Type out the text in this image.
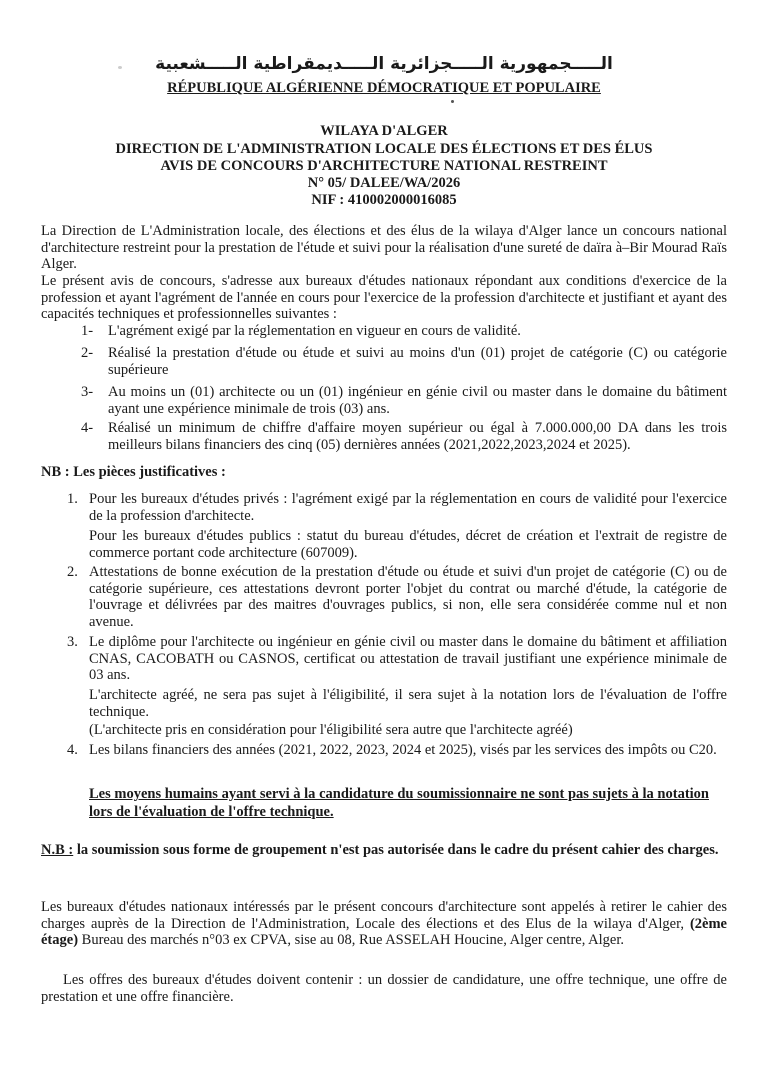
الـــــجمهورية الـــــجزائرية الـــــديمقراطية الـــــشعبية
RÉPUBLIQUE ALGÉRIENNE DÉMOCRATIQUE ET POPULAIRE
WILAYA D'ALGER
DIRECTION DE L'ADMINISTRATION LOCALE DES ÉLECTIONS ET DES ÉLUS
AVIS DE CONCOURS D'ARCHITECTURE NATIONAL RESTREINT
N° 05/ DALEE/WA/2026
NIF : 410002000016085
La Direction de L'Administration locale, des élections et des élus de la wilaya d'Alger lance un concours national d'architecture restreint pour la prestation de l'étude et suivi pour la réalisation d'une sureté de daïra à–Bir Mourad Raïs Alger.
Le présent avis de concours, s'adresse aux bureaux d'études nationaux répondant aux conditions d'exercice de la profession et ayant l'agrément de l'année en cours pour l'exercice de la profession d'architecte et justifiant et ayant des capacités techniques et professionnelles suivantes :
1- L'agrément exigé par la réglementation en vigueur en cours de validité.
2- Réalisé la prestation d'étude ou étude et suivi au moins d'un (01) projet de catégorie (C) ou catégorie supérieure
3- Au moins un (01) architecte ou un (01) ingénieur en génie civil ou master dans le domaine du bâtiment ayant une expérience minimale de trois (03) ans.
4- Réalisé un minimum de chiffre d'affaire moyen supérieur ou égal à 7.000.000,00 DA dans les trois meilleurs bilans financiers des cinq (05) dernières années (2021,2022,2023,2024 et 2025).
NB : Les pièces justificatives :
1. Pour les bureaux d'études privés : l'agrément exigé par la réglementation en cours de validité pour l'exercice de la profession d'architecte.
Pour les bureaux d'études publics : statut du bureau d'études, décret de création et l'extrait de registre de commerce portant code architecture (607009).
2. Attestations de bonne exécution de la prestation d'étude ou étude et suivi d'un projet de catégorie (C) ou de catégorie supérieure, ces attestations devront porter l'objet du contrat ou marché d'étude, la catégorie de l'ouvrage et délivrées par des maitres d'ouvrages publics, si non, elle sera considérée comme nul et non avenue.
3. Le diplôme pour l'architecte ou ingénieur en génie civil ou master dans le domaine du bâtiment et affiliation CNAS, CACOBATH ou CASNOS, certificat ou attestation de travail justifiant une expérience minimale de 03 ans.
L'architecte agréé, ne sera pas sujet à l'éligibilité, il sera sujet à la notation lors de l'évaluation de l'offre technique.
(L'architecte pris en considération pour l'éligibilité sera autre que l'architecte agréé)
4. Les bilans financiers des années (2021, 2022, 2023, 2024 et 2025), visés par les services des impôts ou C20.
Les moyens humains ayant servi à la candidature du soumissionnaire ne sont pas sujets à la notation lors de l'évaluation de l'offre technique.
N.B : la soumission sous forme de groupement n'est pas autorisée dans le cadre du présent cahier des charges.
Les bureaux d'études nationaux intéressés par le présent concours d'architecture sont appelés à retirer le cahier des charges auprès de la Direction de l'Administration, Locale des élections et des Elus de la wilaya d'Alger, (2ème étage) Bureau des marchés n°03 ex CPVA, sise au 08, Rue ASSELAH Houcine, Alger centre, Alger.
Les offres des bureaux d'études doivent contenir : un dossier de candidature, une offre technique, une offre de prestation et une offre financière.
